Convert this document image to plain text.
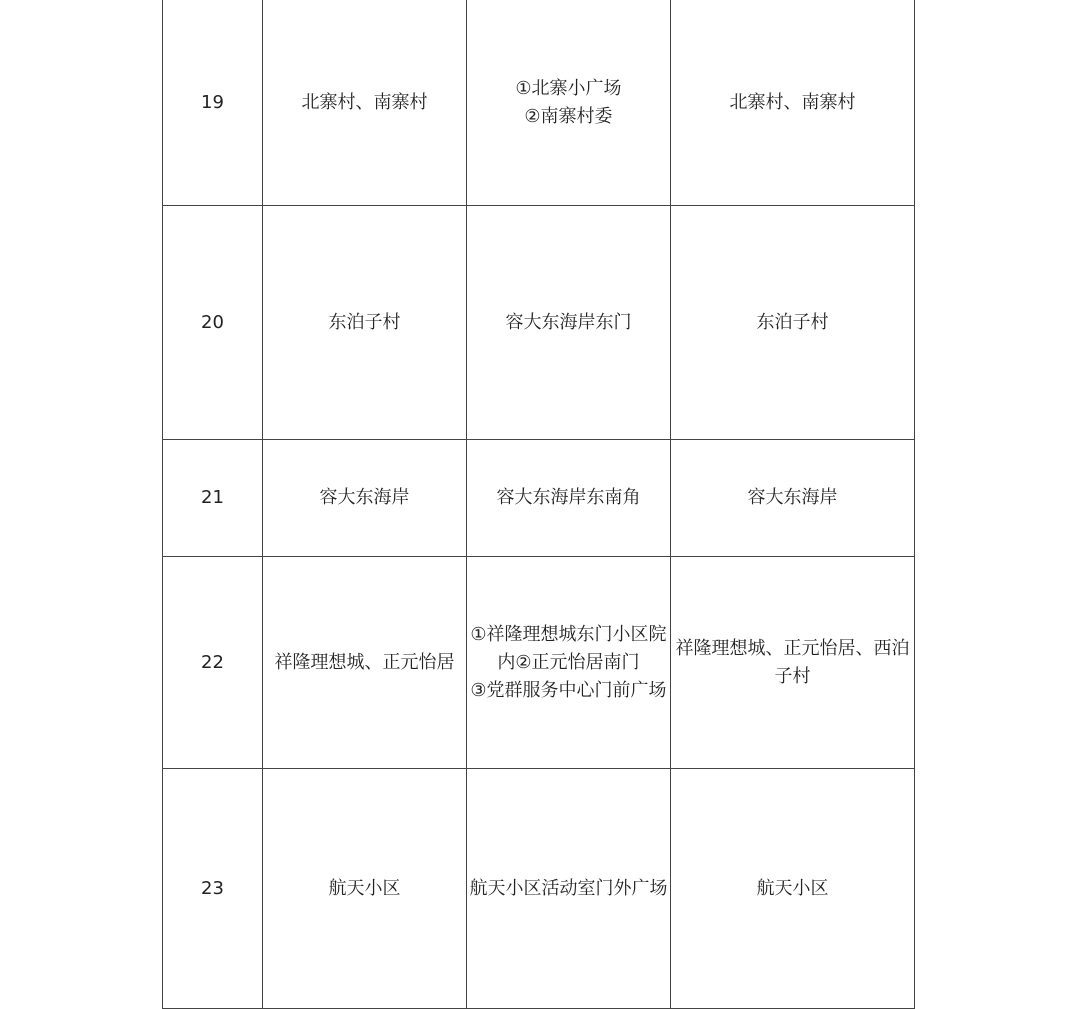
19	北寨村、南寨村	①北寨小广场
②南寨村委	北寨村、南寨村

20	东泊子村	容大东海岸东门	东泊子村

21	容大东海岸	容大东海岸东南角	容大东海岸

22	祥隆理想城、正元怡居	①祥隆理想城东门小区院
内②正元怡居南门
③党群服务中心门前广场	祥隆理想城、正元怡居、西泊
子村

23	航天小区	航天小区活动室门外广场	航天小区
